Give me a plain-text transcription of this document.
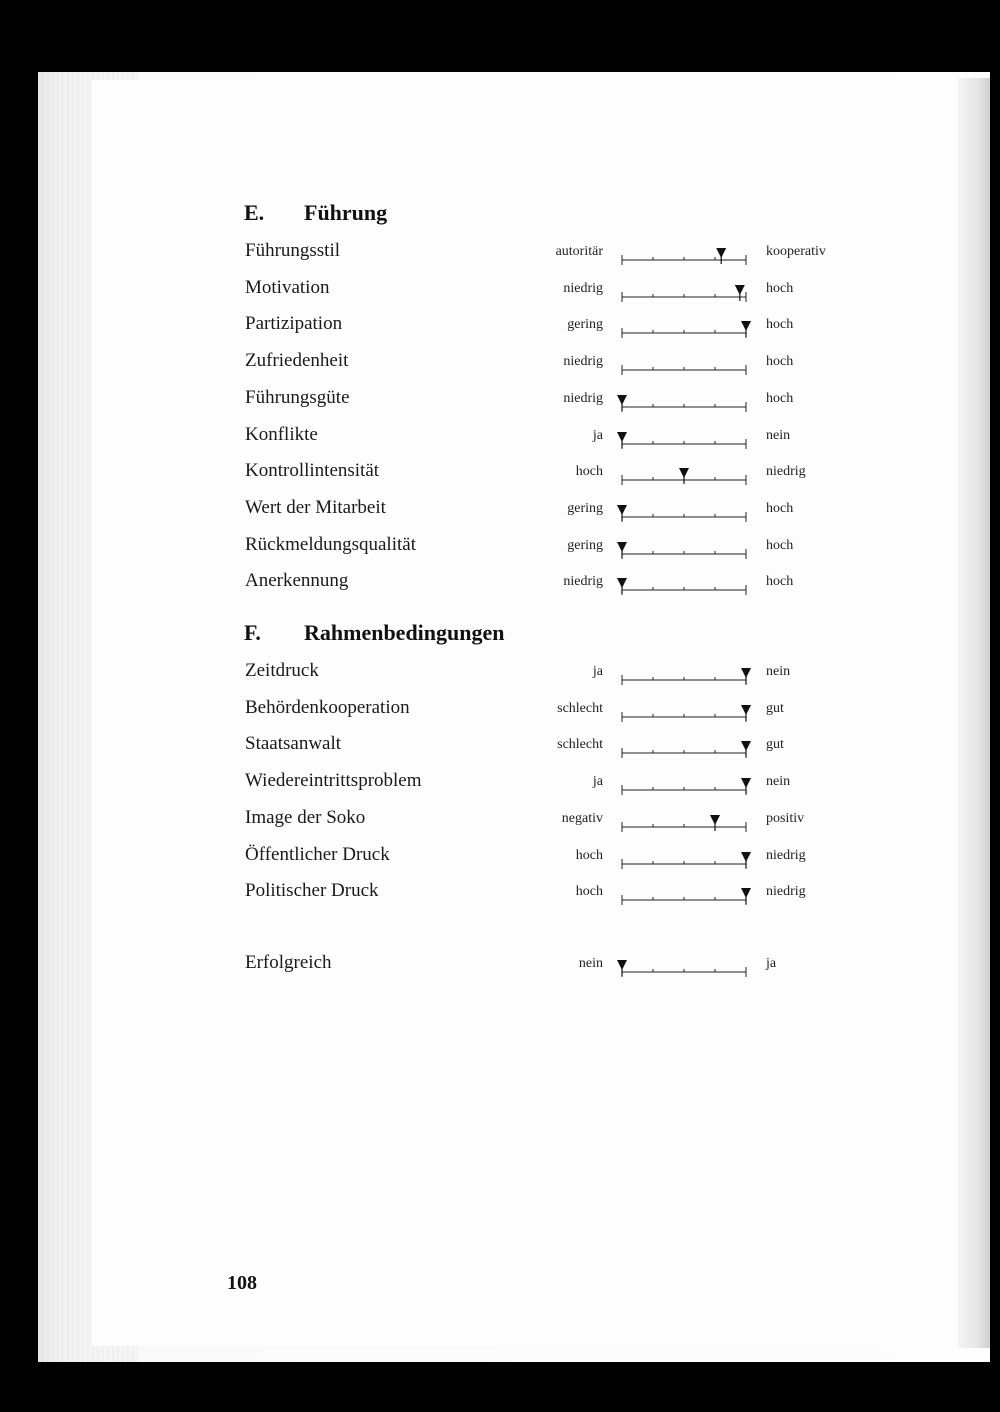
E. Führung
Führungsstil	autoritär	kooperativ
Motivation	niedrig	hoch
Partizipation	gering	hoch
Zufriedenheit	niedrig	hoch
Führungsgüte	niedrig	hoch
Konflikte	ja	nein
Kontrollintensität	hoch	niedrig
Wert der Mitarbeit	gering	hoch
Rückmeldungsqualität	gering	hoch
Anerkennung	niedrig	hoch
F. Rahmenbedingungen
Zeitdruck	ja	nein
Behördenkooperation	schlecht	gut
Staatsanwalt	schlecht	gut
Wiedereintrittsproblem	ja	nein
Image der Soko	negativ	positiv
Öffentlicher Druck	hoch	niedrig
Politischer Druck	hoch	niedrig
Erfolgreich	nein	ja
108
